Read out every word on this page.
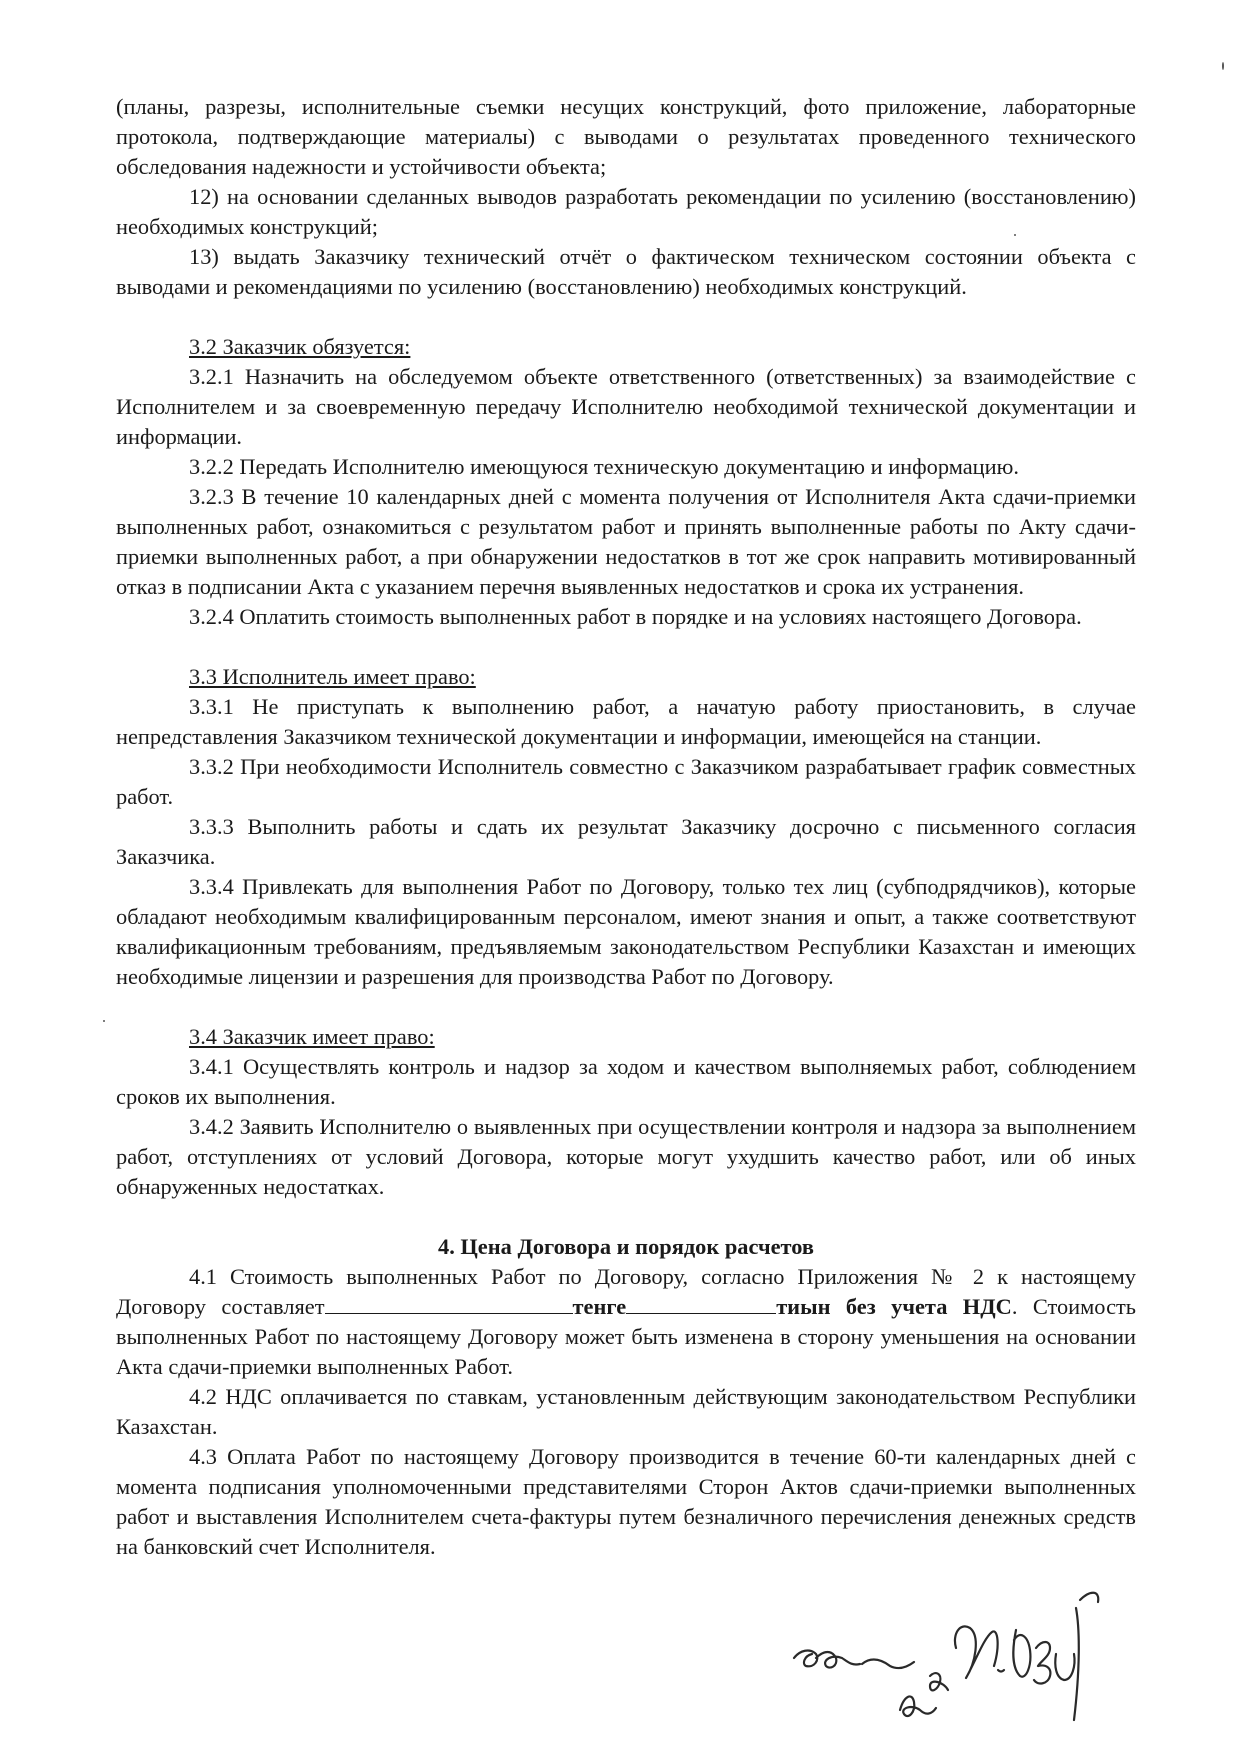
(планы, разрезы, исполнительные съемки несущих конструкций, фото приложение, лабораторные протокола, подтверждающие материалы) с выводами о результатах проведенного технического обследования надежности и устойчивости объекта;

12) на основании сделанных выводов разработать рекомендации по усилению (восстановлению) необходимых конструкций;

13) выдать Заказчику технический отчёт о фактическом техническом состоянии объекта с выводами и рекомендациями по усилению (восстановлению) необходимых конструкций.

3.2 Заказчик обязуется:

3.2.1 Назначить на обследуемом объекте ответственного (ответственных) за взаимодействие с Исполнителем и за своевременную передачу Исполнителю необходимой технической документации и информации.

3.2.2 Передать Исполнителю имеющуюся техническую документацию и информацию.

3.2.3 В течение 10 календарных дней с момента получения от Исполнителя Акта сдачи-приемки выполненных работ, ознакомиться с результатом работ и принять выполненные работы по Акту сдачи-приемки выполненных работ, а при обнаружении недостатков в тот же срок направить мотивированный отказ в подписании Акта с указанием перечня выявленных недостатков и срока их устранения.

3.2.4 Оплатить стоимость выполненных работ в порядке и на условиях настоящего Договора.

3.3 Исполнитель имеет право:

3.3.1 Не приступать к выполнению работ, а начатую работу приостановить, в случае непредставления Заказчиком технической документации и информации, имеющейся на станции.

3.3.2 При необходимости Исполнитель совместно с Заказчиком разрабатывает график совместных работ.

3.3.3 Выполнить работы и сдать их результат Заказчику досрочно с письменного согласия Заказчика.

3.3.4 Привлекать для выполнения Работ по Договору, только тех лиц (субподрядчиков), которые обладают необходимым квалифицированным персоналом, имеют знания и опыт, а также соответствуют квалификационным требованиям, предъявляемым законодательством Республики Казахстан и имеющих необходимые лицензии и разрешения для производства Работ по Договору.

3.4 Заказчик имеет право:

3.4.1 Осуществлять контроль и надзор за ходом и качеством выполняемых работ, соблюдением сроков их выполнения.

3.4.2 Заявить Исполнителю о выявленных при осуществлении контроля и надзора за выполнением работ, отступлениях от условий Договора, которые могут ухудшить качество работ, или об иных обнаруженных недостатках.

4. Цена Договора и порядок расчетов

4.1 Стоимость выполненных Работ по Договору, согласно Приложения № 2 к настоящему Договору составляет	тенге	тиын без учета НДС. Стоимость выполненных Работ по настоящему Договору может быть изменена в сторону уменьшения на основании Акта сдачи-приемки выполненных Работ.

4.2 НДС оплачивается по ставкам, установленным действующим законодательством Республики Казахстан.

4.3 Оплата Работ по настоящему Договору производится в течение 60-ти календарных дней с момента подписания уполномоченными представителями Сторон Актов сдачи-приемки выполненных работ и выставления Исполнителем счета-фактуры путем безналичного перечисления денежных средств на банковский счет Исполнителя.
